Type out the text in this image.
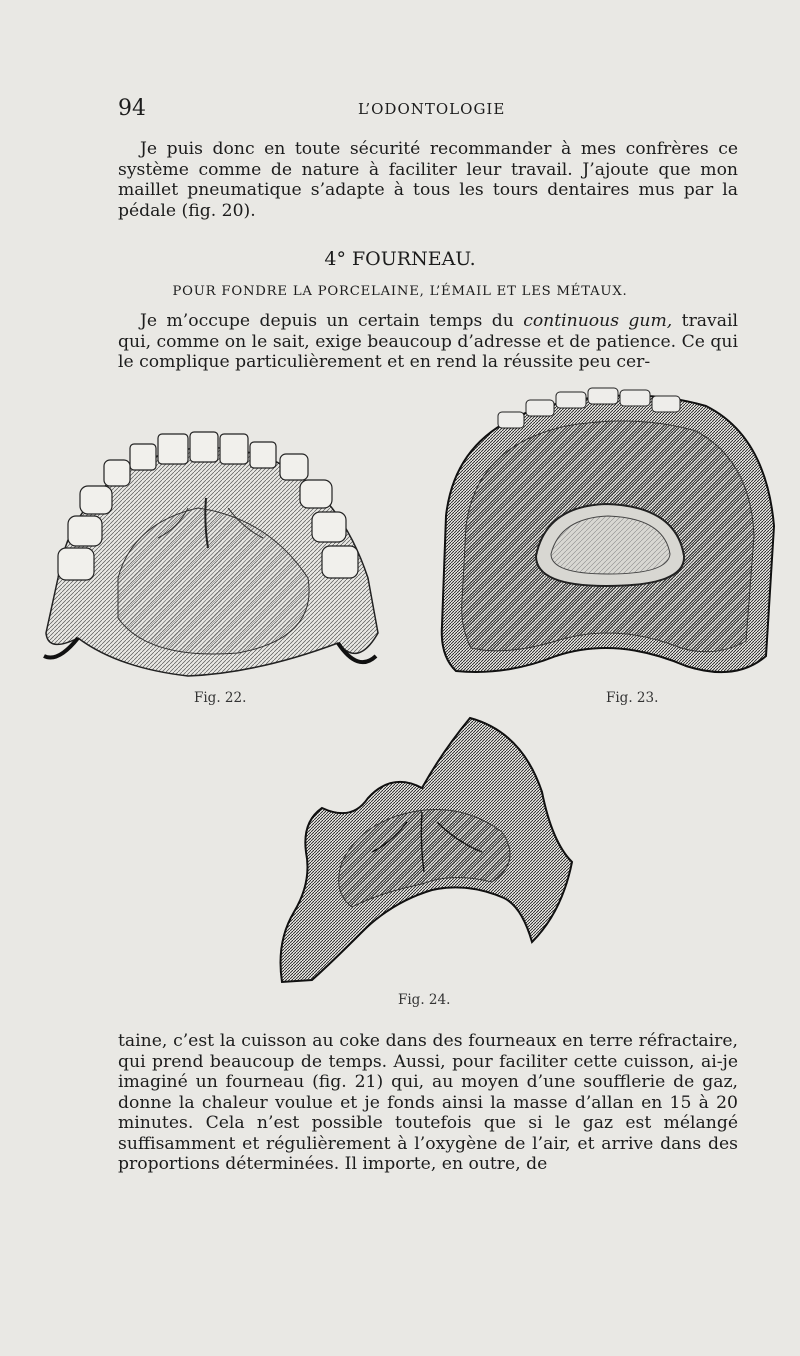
94	L’ODONTOLOGIE

Je puis donc en toute sécurité recommander à mes confrères ce système comme de nature à faciliter leur travail. J’ajoute que mon maillet pneumatique s’adapte à tous les tours dentaires mus par la pédale (fig. 20).

4° FOURNEAU.
POUR FONDRE LA PORCELAINE, L’ÉMAIL ET LES MÉTAUX.

Je m’occupe depuis un certain temps du continuous gum, travail qui, comme on le sait, exige beaucoup d’adresse et de patience. Ce qui le complique particulièrement et en rend la réussite peu cer-

Fig. 22.	Fig. 23.
Fig. 24.

taine, c’est la cuisson au coke dans des fourneaux en terre réfractaire, qui prend beaucoup de temps. Aussi, pour faciliter cette cuisson, ai-je imaginé un fourneau (fig. 21) qui, au moyen d’une soufflerie de gaz, donne la chaleur voulue et je fonds ainsi la masse d’allan en 15 à 20 minutes. Cela n’est possible toutefois que si le gaz est mélangé suffisamment et régulièrement à l’oxygène de l’air, et arrive dans des proportions déterminées. Il importe, en outre, de
